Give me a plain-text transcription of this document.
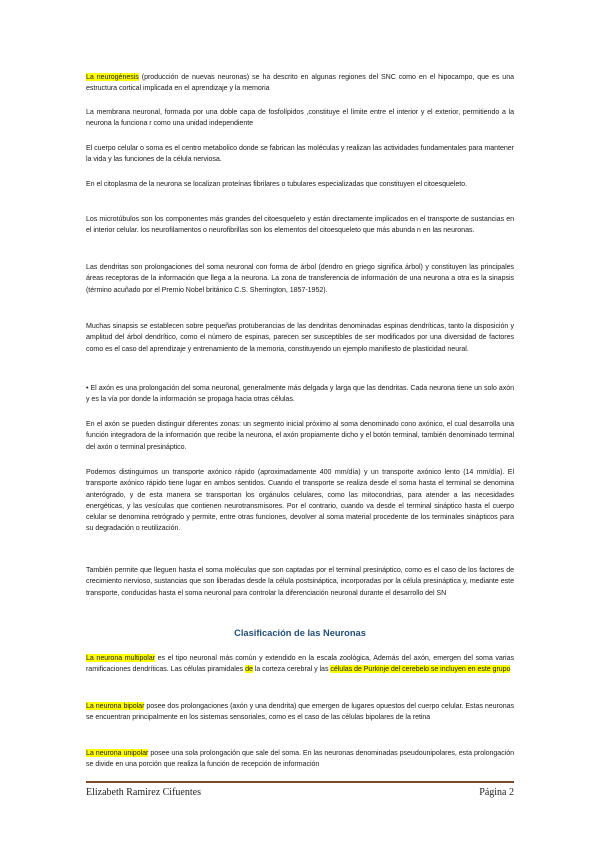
La neurogénesis (producción de nuevas neuronas) se ha descrito en algunas regiones del SNC como en el hipocampo, que es una estructura cortical implicada en el aprendizaje y la memoria

La membrana neuronal, formada por una doble capa de fosfolípidos ,constituye el límite entre el interior y el exterior, permitiendo a la neurona la funciona r como una unidad independiente

El cuerpo celular o soma es el centro metabolico donde se fabrican las moléculas y realizan las actividades fundamentales para mantener la vida y las funciones de la célula nerviosa.

En el citoplasma de la neurona se localizan proteínas fibrilares o tubulares especializadas que constituyen el citoesqueleto.

Los microtúbulos son los componentes más grandes del citoesqueleto y están directamente implicados en el transporte de sustancias en el interior celular. los neurofilamentos o neurofibrillas son los elementos del citoesqueleto que más abunda n en las neuronas.

Las dendritas son prolongaciones del soma neuronal con forma de árbol (dendro en griego significa árbol) y constituyen las principales áreas receptoras de la información que llega a la neurona. La zona de transferencia de información de una neurona a otra es la sinapsis (término acuñado por el Premio Nobel británico C.S. Sherrington, 1857-1952).

Muchas sinapsis se establecen sobre pequeñas protuberancias de las dendritas denominadas espinas dendríticas, tanto la disposición y amplitud del árbol dendrítico, como el número de espinas, parecen ser susceptibles de ser modificados por una diversidad de factores como es el caso del aprendizaje y entrenamiento de la memoria, constituyendo un ejemplo manifiesto de plasticidad neural.

• El axón es una prolongación del soma neuronal, generalmente más delgada y larga que las dendritas. Cada neurona tiene un solo axón y es la vía por donde la información se propaga hacia otras células.

En el axón se pueden distinguir diferentes zonas: un segmento inicial próximo al soma denominado cono axónico, el cual desarrolla una función integradora de la información que recibe la neurona, el axón propiamente dicho y el botón terminal, también denominado terminal del axón o terminal presináptico.

Podemos distinguimos un transporte axónico rápido (aproximadamente 400 mm/día) y un transporte axónico lento (14 mm/día). El transporte axónico rápido tiene lugar en ambos sentidos. Cuando el transporte se realiza desde el soma hasta el terminal se denomina anterógrado, y de esta manera se transportan los orgánulos celulares, como las mitocondrias, para atender a las necesidades energéticas, y las vesículas que contienen neurotransmisores. Por el contrario, cuando va desde el terminal sináptico hasta el cuerpo celular se denomina retrógrado y permite, entre otras funciones, devolver al soma material procedente de los terminales sinápticos para su degradación o reutilización.

También permite que lleguen hasta el soma moléculas que son captadas por el terminal presináptico, como es el caso de los factores de crecimiento nervioso, sustancias que son liberadas desde la célula postsináptica, incorporadas por la célula presináptica y, mediante este transporte, conducidas hasta el soma neuronal para controlar la diferenciación neuronal durante el desarrollo del SN

Clasificación de las Neuronas

La neurona multipolar es el tipo neuronal más común y extendido en la escala zoológica, Además del axón, emergen del soma varias ramificaciones dendríticas. Las células piramidales de la corteza cerebral y las células de Purkinje del cerebelo se incluyen en este grupo

La neurona bipolar posee dos prolongaciones (axón y una dendrita) que emergen de lugares opuestos del cuerpo celular. Estas neuronas se encuentran principalmente en los sistemas sensoriales, como es el caso de las células bipolares de la retina

La neurona unipolar posee una sola prolongación que sale del soma. En las neuronas denominadas pseudounipolares, esta prolongación se divide en una porción que realiza la función de recepción de información

Elizabeth Ramirez Cifuentes	Página 2
